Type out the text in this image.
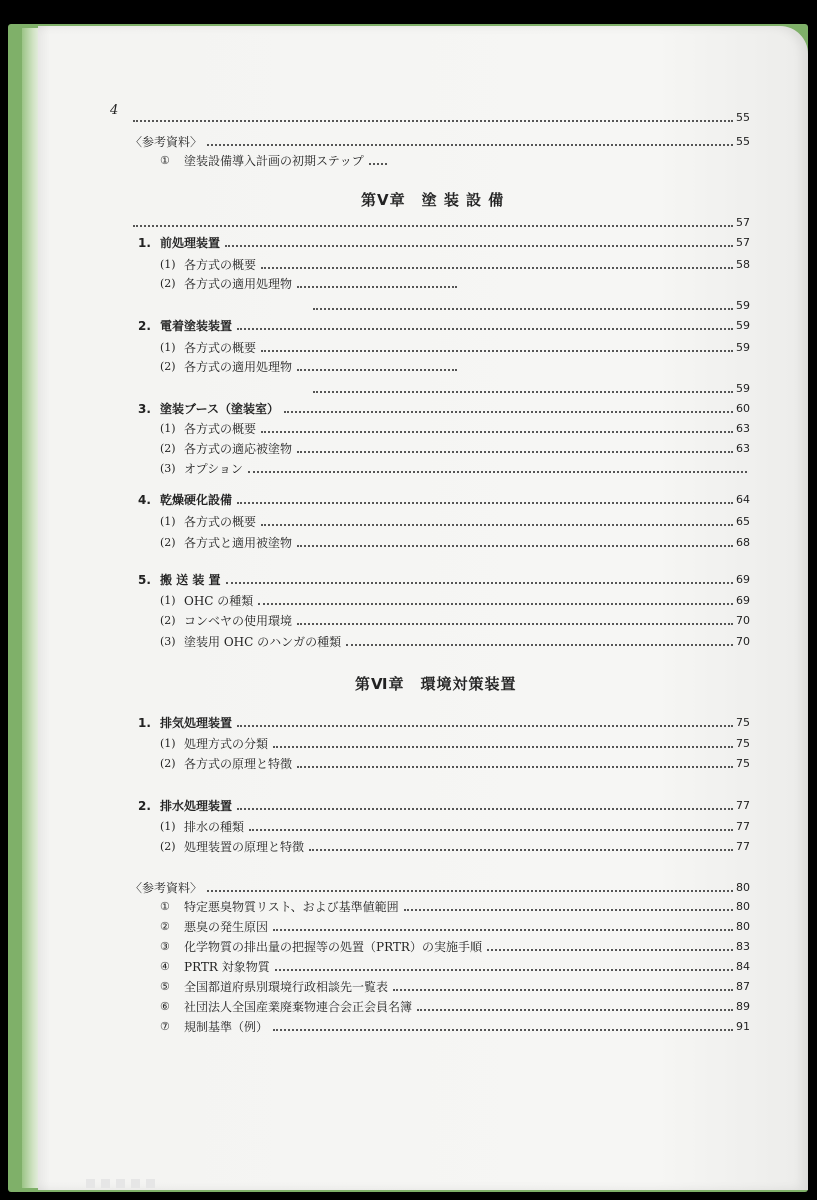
4	55
〈参考資料〉	55
①	塗装設備導入計画の初期ステップ
第Ⅴ章　塗 装 設 備
57
1. 前処理装置	57
(1) 各方式の概要	58
(2) 各方式の適用処理物
59
2. 電着塗装装置	59
(1) 各方式の概要	59
(2) 各方式の適用処理物
59
3. 塗装ブース（塗装室）	60
(1) 各方式の概要	63
(2) 各方式の適応被塗物	63
(3) オプション
4. 乾燥硬化設備	64
(1) 各方式の概要	65
(2) 各方式と適用被塗物	68
5. 搬 送 装 置	69
(1) OHC の種類	69
(2) コンベヤの使用環境	70
(3) 塗装用 OHC のハンガの種類	70
第Ⅵ章　環境対策装置
1. 排気処理装置	75
(1) 処理方式の分類	75
(2) 各方式の原理と特徴	75
2. 排水処理装置	77
(1) 排水の種類	77
(2) 処理装置の原理と特徴	77
〈参考資料〉	80
①	特定悪臭物質リスト、および基準値範囲	80
②	悪臭の発生原因	80
③	化学物質の排出量の把握等の処置（PRTR）の実施手順	83
④	PRTR 対象物質	84
⑤	全国都道府県別環境行政相談先一覧表	87
⑥	社団法人全国産業廃棄物連合会正会員名簿	89
⑦	規制基準（例）	91
